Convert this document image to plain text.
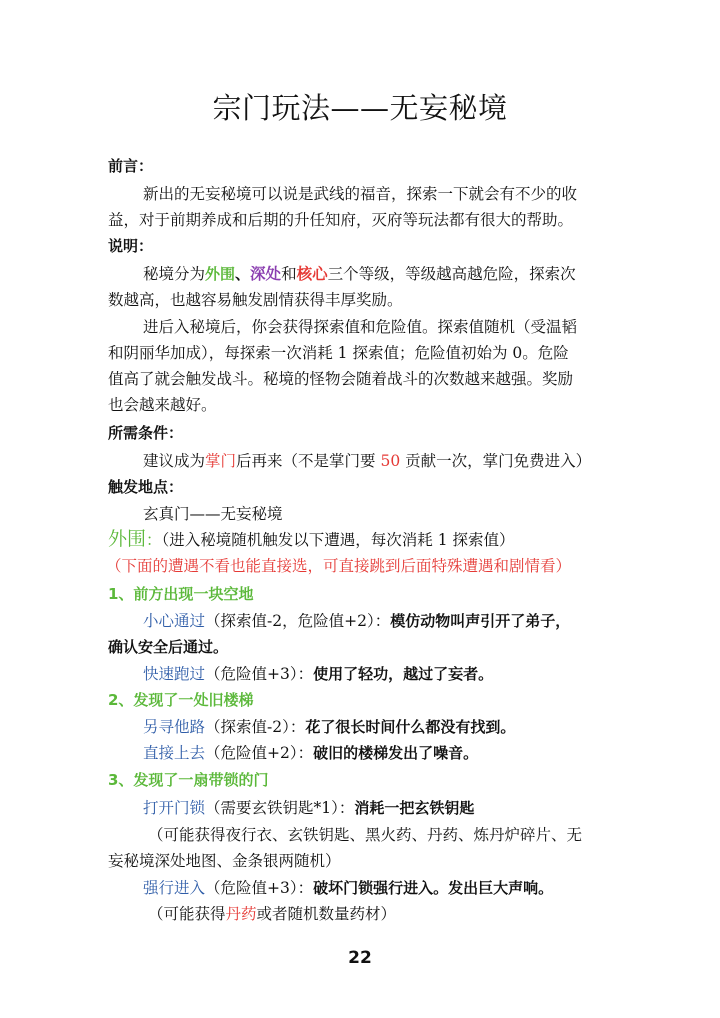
宗门玩法——无妄秘境
前言：
新出的无妄秘境可以说是武线的福音，探索一下就会有不少的收
益，对于前期养成和后期的升任知府，灭府等玩法都有很大的帮助。
说明：
秘境分为外围、深处和核心三个等级，等级越高越危险，探索次
数越高，也越容易触发剧情获得丰厚奖励。
进后入秘境后，你会获得探索值和危险值。探索值随机（受温韬
和阴丽华加成），每探索一次消耗 1 探索值；危险值初始为 0。危险
值高了就会触发战斗。秘境的怪物会随着战斗的次数越来越强。奖励
也会越来越好。
所需条件：
建议成为掌门后再来（不是掌门要 50 贡献一次，掌门免费进入）
触发地点：
玄真门——无妄秘境
外围：（进入秘境随机触发以下遭遇，每次消耗 1 探索值）
（下面的遭遇不看也能直接选，可直接跳到后面特殊遭遇和剧情看）
1、前方出现一块空地
小心通过（探索值-2，危险值+2）：模仿动物叫声引开了弟子，
确认安全后通过。
快速跑过（危险值+3）：使用了轻功，越过了妄者。
2、发现了一处旧楼梯
另寻他路（探索值-2）：花了很长时间什么都没有找到。
直接上去（危险值+2）：破旧的楼梯发出了噪音。
3、发现了一扇带锁的门
打开门锁（需要玄铁钥匙*1）：消耗一把玄铁钥匙
（可能获得夜行衣、玄铁钥匙、黑火药、丹药、炼丹炉碎片、无
妄秘境深处地图、金条银两随机）
强行进入（危险值+3）：破坏门锁强行进入。发出巨大声响。
（可能获得丹药或者随机数量药材）
22
